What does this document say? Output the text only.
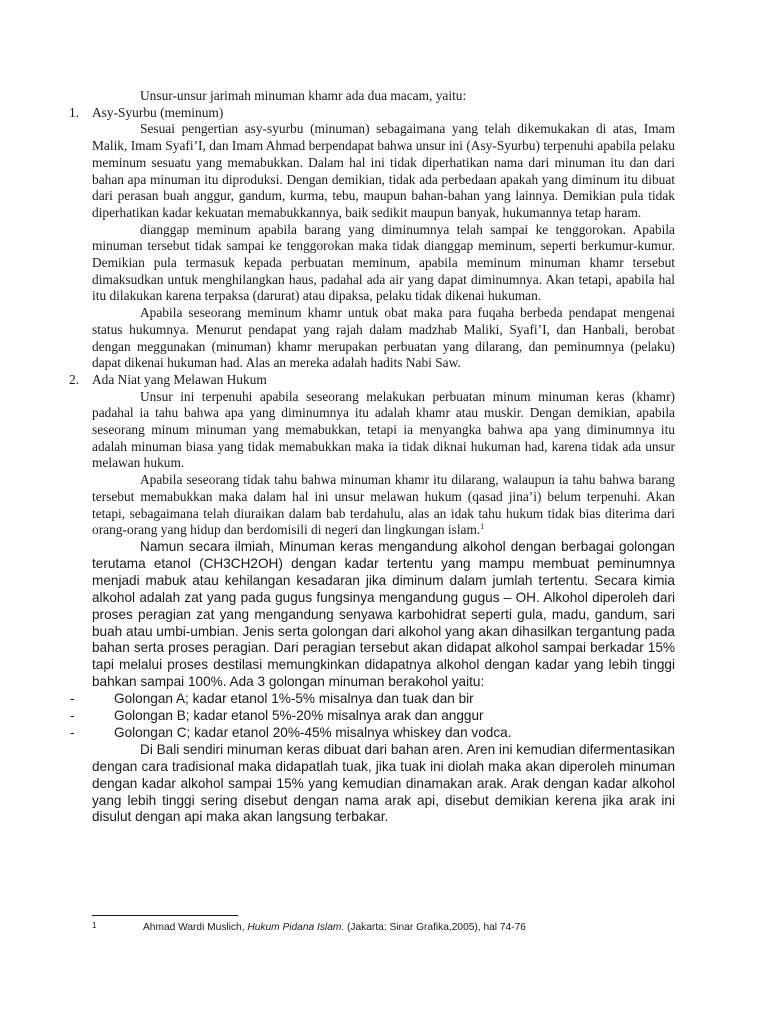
Unsur-unsur jarimah minuman khamr ada dua macam, yaitu:

1. Asy-Syurbu (meminum)

Sesuai pengertian asy-syurbu (minuman) sebagaimana yang telah dikemukakan di atas, Imam Malik, Imam Syafi’I, dan Imam Ahmad berpendapat bahwa unsur ini (Asy-Syurbu) terpenuhi apabila pelaku meminum sesuatu yang memabukkan. Dalam hal ini tidak diperhatikan nama dari minuman itu dan dari bahan apa minuman itu diproduksi. Dengan demikian, tidak ada perbedaan apakah yang diminum itu dibuat dari perasan buah anggur, gandum, kurma, tebu, maupun bahan-bahan yang lainnya. Demikian pula tidak diperhatikan kadar kekuatan memabukkannya, baik sedikit maupun banyak, hukumannya tetap haram.

dianggap meminum apabila barang yang diminumnya telah sampai ke tenggorokan. Apabila minuman tersebut tidak sampai ke tenggorokan maka tidak dianggap meminum, seperti berkumur-kumur. Demikian pula termasuk kepada perbuatan meminum, apabila meminum minuman khamr tersebut dimaksudkan untuk menghilangkan haus, padahal ada air yang dapat diminumnya. Akan tetapi, apabila hal itu dilakukan karena terpaksa (darurat) atau dipaksa, pelaku tidak dikenai hukuman.

Apabila seseorang meminum khamr untuk obat maka para fuqaha berbeda pendapat mengenai status hukumnya. Menurut pendapat yang rajah dalam madzhab Maliki, Syafi’I, dan Hanbali, berobat dengan meggunakan (minuman) khamr merupakan perbuatan yang dilarang, dan peminumnya (pelaku) dapat dikenai hukuman had. Alas an mereka adalah hadits Nabi Saw.

2. Ada Niat yang Melawan Hukum

Unsur ini terpenuhi apabila seseorang melakukan perbuatan minum minuman keras (khamr) padahal ia tahu bahwa apa yang diminumnya itu adalah khamr atau muskir. Dengan demikian, apabila seseorang minum minuman yang memabukkan, tetapi ia menyangka bahwa apa yang diminumnya itu adalah minuman biasa yang tidak memabukkan maka ia tidak diknai hukuman had, karena tidak ada unsur melawan hukum.

Apabila seseorang tidak tahu bahwa minuman khamr itu dilarang, walaupun ia tahu bahwa barang tersebut memabukkan maka dalam hal ini unsur melawan hukum (qasad jina’i) belum terpenuhi. Akan tetapi, sebagaimana telah diuraikan dalam bab terdahulu, alas an idak tahu hukum tidak bias diterima dari orang-orang yang hidup dan berdomisili di negeri dan lingkungan islam.$^1$

Namun secara ilmiah, Minuman keras mengandung alkohol dengan berbagai golongan terutama etanol (CH3CH2OH) dengan kadar tertentu yang mampu membuat peminumnya menjadi mabuk atau kehilangan kesadaran jika diminum dalam jumlah tertentu. Secara kimia alkohol adalah zat yang pada gugus fungsinya mengandung gugus – OH. Alkohol diperoleh dari proses peragian zat yang mengandung senyawa karbohidrat seperti gula, madu, gandum, sari buah atau umbi-umbian. Jenis serta golongan dari alkohol yang akan dihasilkan tergantung pada bahan serta proses peragian. Dari peragian tersebut akan didapat alkohol sampai berkadar 15% tapi melalui proses destilasi memungkinkan didapatnya alkohol dengan kadar yang lebih tinggi bahkan sampai 100%. Ada 3 golongan minuman berakohol yaitu:

-	Golongan A; kadar etanol 1%-5% misalnya dan tuak dan bir
-	Golongan B; kadar etanol 5%-20% misalnya arak dan anggur
-	Golongan C; kadar etanol 20%-45% misalnya whiskey dan vodca.

Di Bali sendiri minuman keras dibuat dari bahan aren. Aren ini kemudian difermentasikan dengan cara tradisional maka didapatlah tuak, jika tuak ini diolah maka akan diperoleh minuman dengan kadar alkohol sampai 15% yang kemudian dinamakan arak. Arak dengan kadar alkohol yang lebih tinggi sering disebut dengan nama arak api, disebut demikian kerena jika arak ini disulut dengan api maka akan langsung terbakar.

1	Ahmad Wardi Muslich, Hukum Pidana Islam. (Jakarta: Sinar Grafika,2005), hal 74-76
